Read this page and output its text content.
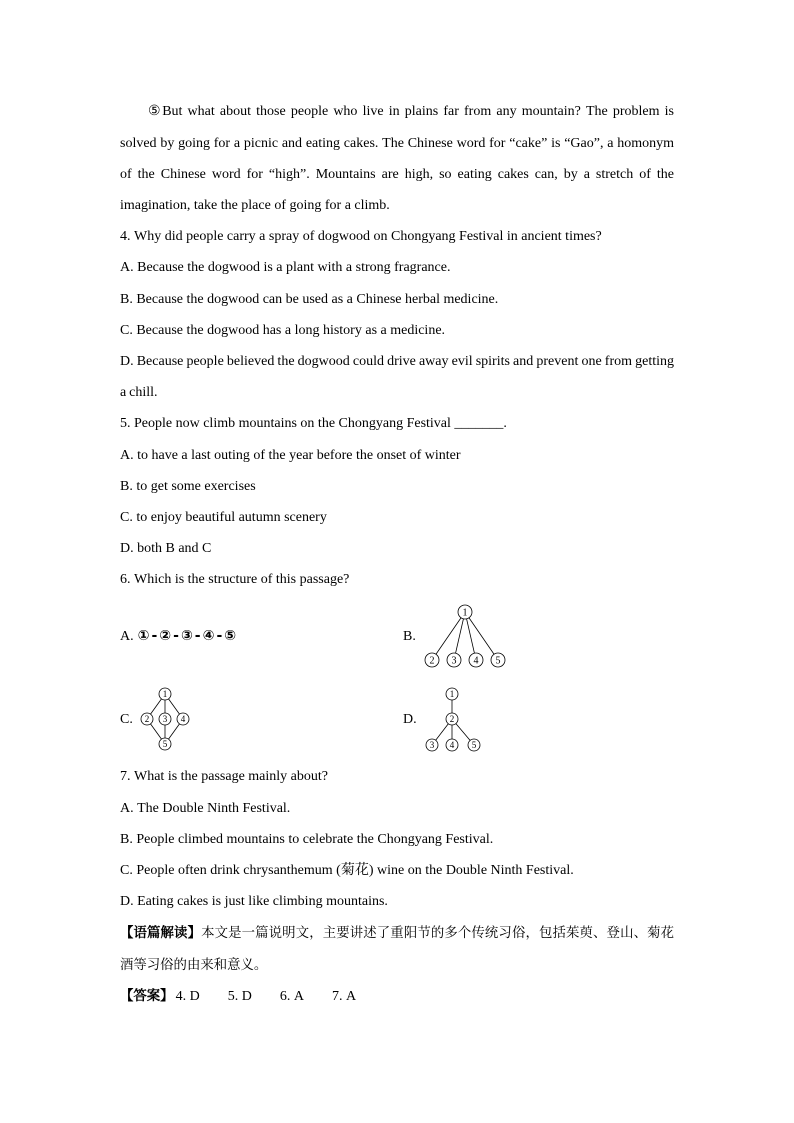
⑤But what about those people who live in plains far from any mountain? The problem is solved by going for a picnic and eating cakes. The Chinese word for “cake” is “Gao”, a homonym of the Chinese word for “high”. Mountains are high, so eating cakes can, by a stretch of the imagination, take the place of going for a climb.
4. Why did people carry a spray of dogwood on Chongyang Festival in ancient times?
A. Because the dogwood is a plant with a strong fragrance.
B. Because the dogwood can be used as a Chinese herbal medicine.
C. Because the dogwood has a long history as a medicine.
D. Because people believed the dogwood could drive away evil spirits and prevent one from getting a chill.
5. People now climb mountains on the Chongyang Festival _______.
A. to have a last outing of the year before the onset of winter
B. to get some exercises
C. to enjoy beautiful autumn scenery
D. both B and C
6. Which is the structure of this passage?
A. ①-②-③-④-⑤	B.
1
2 3 4 5
C.
1
2 3 4
5
D.
1
2
3 4 5
7. What is the passage mainly about?
A. The Double Ninth Festival.
B. People climbed mountains to celebrate the Chongyang Festival.
C. People often drink chrysanthemum (菊花) wine on the Double Ninth Festival.
D. Eating cakes is just like climbing mountains.
【语篇解读】本文是一篇说明文，主要讲述了重阳节的多个传统习俗，包括茱萸、登山、菊花酒等习俗的由来和意义。
【答案】 4. D 5. D 6. A 7. A
